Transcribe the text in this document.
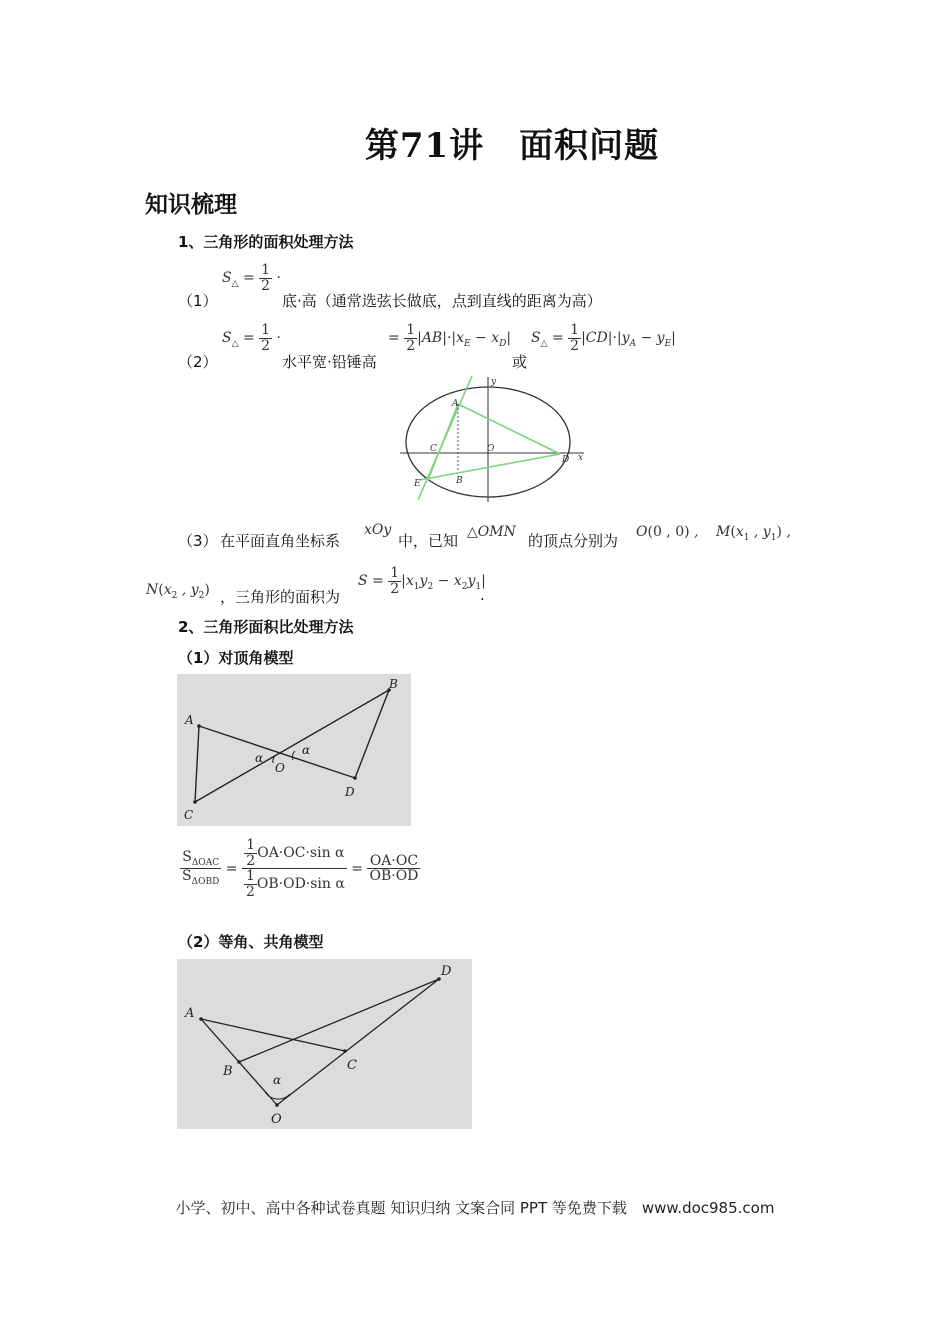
第71讲　面积问题
知识梳理
1、三角形的面积处理方法
（1）
$S_\triangle = \frac{1}{2}$ ·
底·高（通常选弦长做底，点到直线的距离为高）
（2）
$S_\triangle = \frac{1}{2}$ ·
水平宽·铅锤高
= $\frac{1}{2} |AB|\cdot|x_E - x_D|$
或
$S_\triangle = \frac{1}{2} |CD|\cdot|y_A - y_E|$
y
A
C	O
D x
E	B
（3） 在平面直角坐标系
xOy
中，已知 △OMN 的顶点分别为 O(0 , 0) , $M(x_1$ , $y_1$) ,
$N(x_2$ , $y_2$) ，三角形的面积为
$S = \frac{1}{2} |x_1y_2 - x_2y_1|$
.
2、三角形面积比处理方法
（1）对顶角模型
A
B
α
O
α
D
C
$\frac{S_{\Delta OAC}}{S_{\Delta OBD}} = \frac{\frac{1}{2} OA\cdot OC\cdot\sin \alpha}{\frac{1}{2} OB\cdot OD\cdot\sin \alpha} = \frac{OA\cdot OC}{OB\cdot OD}$
（2）等角、共角模型
A
D
B	C
α
O
小学、初中、高中各种试卷真题 知识归纳 文案合同 PPT 等免费下载　www.doc985.com
